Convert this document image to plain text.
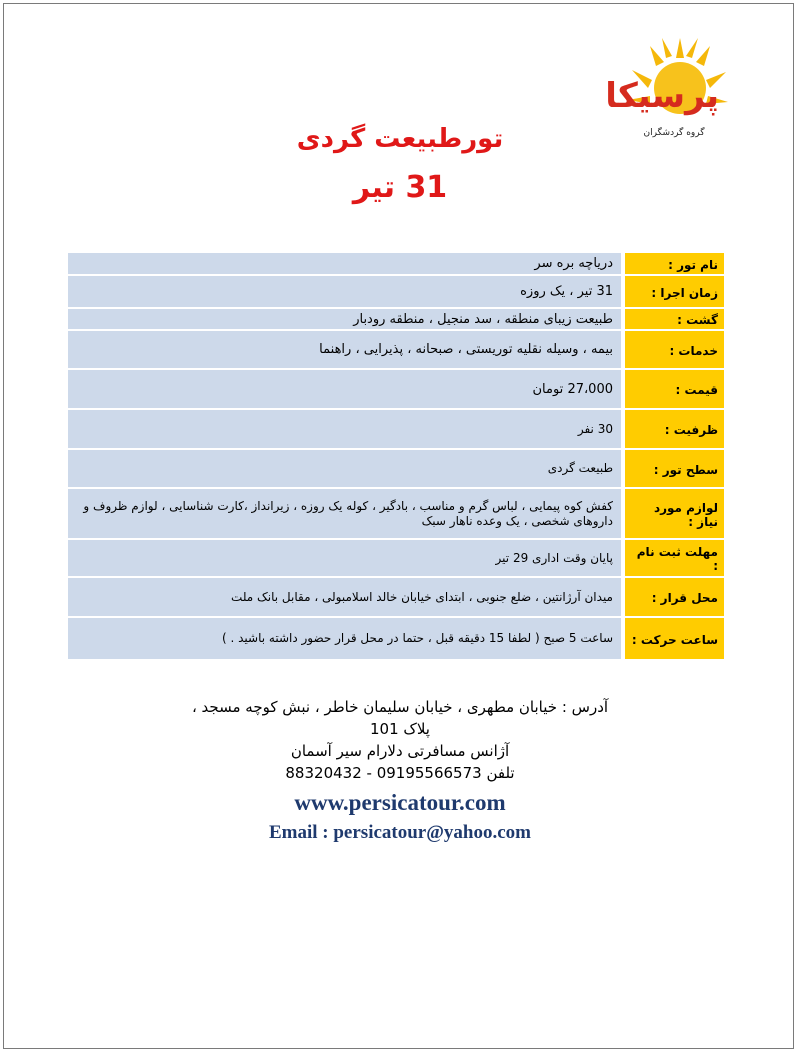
پرسیکا
گروه گردشگران
تورطبیعت گردی
31 تیر
نام تور :
دریاچه بره سر
زمان اجرا :
31 تیر ، یک روزه
گشت :
طبیعت زیبای منطقه ، سد منجیل ، منطقه رودبار
خدمات :
بیمه ، وسیله نقلیه توریستی ، صبحانه ، پذیرایی ، راهنما
قیمت :
27،000 تومان
ظرفیت :
30 نفر
سطح تور :
طبیعت گردی
لوازم مورد نیاز :
کفش کوه پیمایی ، لباس گرم و مناسب ، بادگیر ، کوله یک روزه ، زیرانداز ،کارت شناسایی ، لوازم ظروف و داروهای شخصی ، یک وعده ناهار سبک
مهلت ثبت نام :
پایان وقت اداری 29 تیر
محل قرار :
میدان آرژانتین ، ضلع جنوبی ، ابتدای خیابان خالد اسلامبولی ، مقابل بانک ملت
ساعت حرکت :
ساعت 5 صبح ( لطفا 15 دقیقه قبل ، حتما در محل قرار حضور داشته باشید . )
آدرس : خیابان مطهری ، خیابان سلیمان خاطر ، نبش کوچه مسجد ،
پلاک 101
آژانس مسافرتی دلارام سیر آسمان
تلفن 09195566573 - 88320432
www.persicatour.com
Email : persicatour@yahoo.com
